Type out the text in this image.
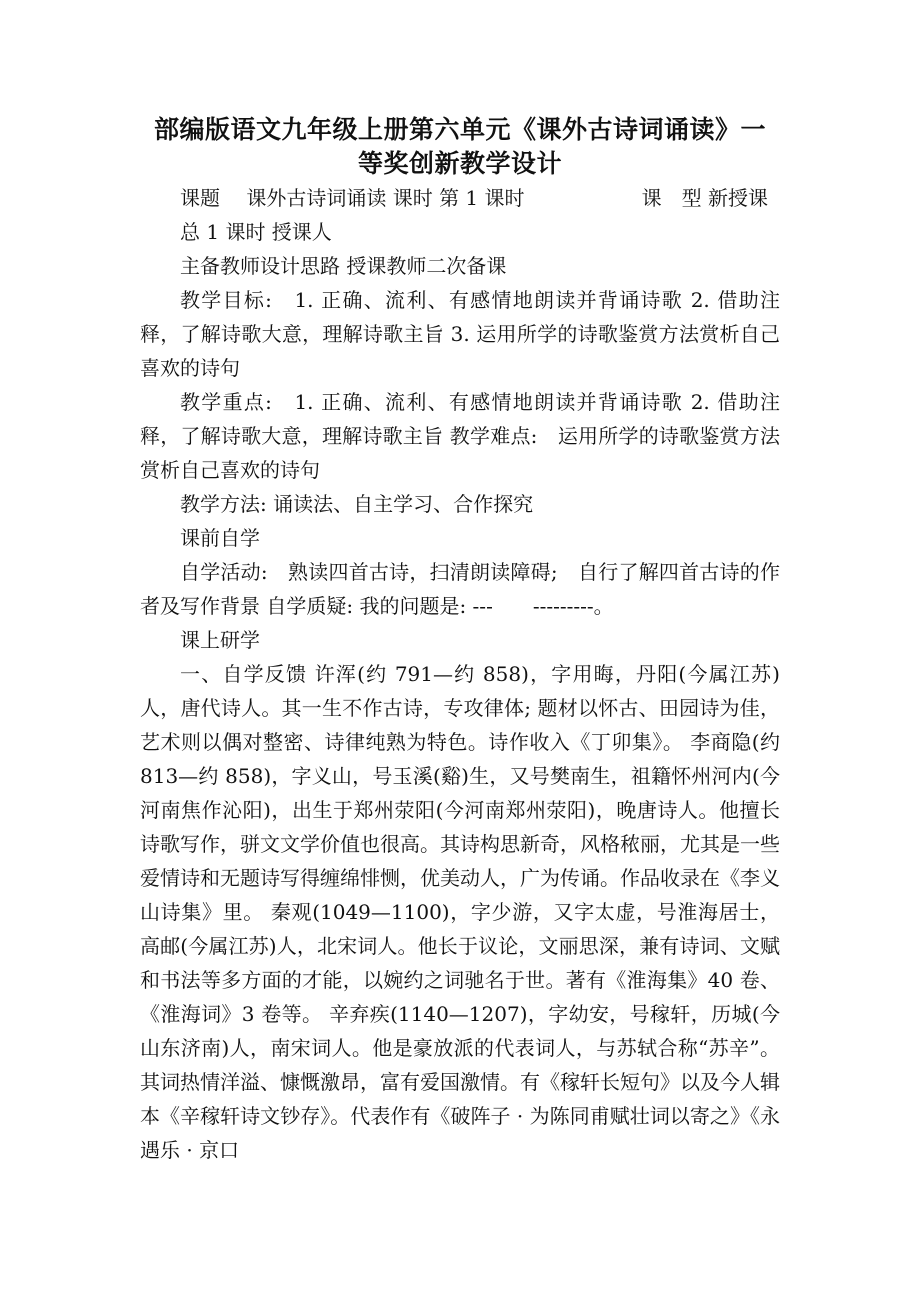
部编版语文九年级上册第六单元《课外古诗词诵读》一
等奖创新教学设计
课题　 课外古诗词诵读 课时 第 1 课时	课　型 新授课

总 1 课时 授课人

主备教师设计思路 授课教师二次备课

教学目标:　1. 正确、流利、有感情地朗读并背诵诗歌 2. 借助注释，了解诗歌大意，理解诗歌主旨 3. 运用所学的诗歌鉴赏方法赏析自己喜欢的诗句

教学重点:　1. 正确、流利、有感情地朗读并背诵诗歌 2. 借助注释，了解诗歌大意，理解诗歌主旨 教学难点:　运用所学的诗歌鉴赏方法赏析自己喜欢的诗句

教学方法: 诵读法、自主学习、合作探究

课前自学

自学活动:　熟读四首古诗，扫清朗读障碍;　自行了解四首古诗的作者及写作背景 自学质疑: 我的问题是: ---　　---------。

课上研学

一、自学反馈 许浑(约 791—约 858)，字用晦，丹阳(今属江苏)人，唐代诗人。其一生不作古诗，专攻律体; 题材以怀古、田园诗为佳，艺术则以偶对整密、诗律纯熟为特色。诗作收入《丁卯集》。 李商隐(约 813—约 858)，字义山，号玉溪(谿)生，又号樊南生，祖籍怀州河内(今河南焦作沁阳)，出生于郑州荥阳(今河南郑州荥阳)，晚唐诗人。他擅长诗歌写作，骈文文学价值也很高。其诗构思新奇，风格秾丽，尤其是一些爱情诗和无题诗写得缠绵悱恻，优美动人，广为传诵。作品收录在《李义山诗集》里。 秦观(1049—1100)，字少游，又字太虚，号淮海居士，高邮(今属江苏)人，北宋词人。他长于议论，文丽思深，兼有诗词、文赋和书法等多方面的才能，以婉约之词驰名于世。著有《淮海集》40 卷、《淮海词》3 卷等。 辛弃疾(1140—1207)，字幼安，号稼轩，历城(今山东济南)人，南宋词人。他是豪放派的代表词人，与苏轼合称“苏辛”。其词热情洋溢、慷慨激昂，富有爱国激情。有《稼轩长短句》以及今人辑本《辛稼轩诗文钞存》。代表作有《破阵子 · 为陈同甫赋壮词以寄之》《永遇乐 · 京口
